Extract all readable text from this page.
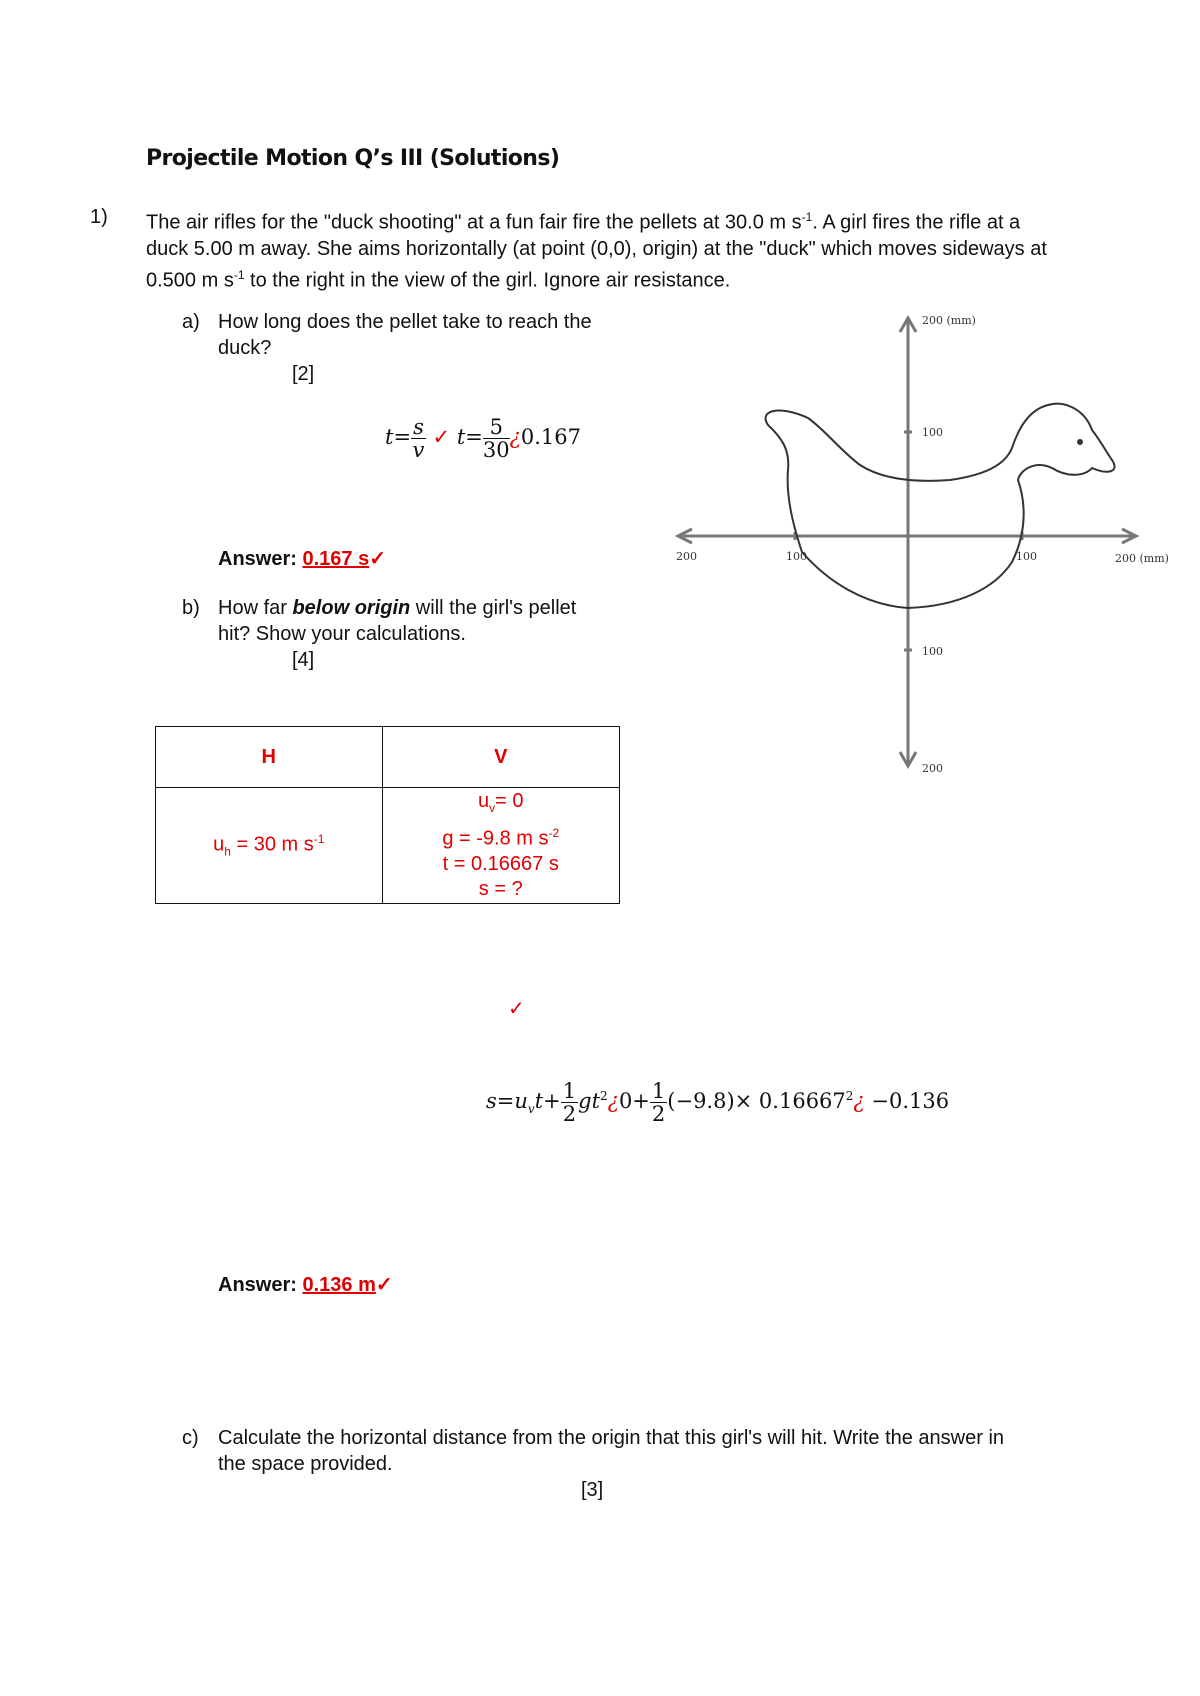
Projectile Motion Q’s III (Solutions)
1) The air rifles for the "duck shooting" at a fun fair fire the pellets at 30.0 m $s^{-1}$. A girl fires the rifle at a duck 5.00 m away. She aims horizontally (at point (0,0), origin) at the "duck" which moves sideways at 0.500 m $s^{-1}$ to the right in the view of the girl. Ignore air resistance.
a) How long does the pellet take to reach the duck?
[2]
$t= \frac{s}{v}$ ✓ $t= \frac{5}{30}$ ¿0.167
Answer: 0.167 s✓
b) How far below origin will the girl's pellet hit? Show your calculations.
[4]
H	V
$u_h = 30$ m $s^{-1}$	$u_v= 0$
g = -9.8 m $s^{-2}$
t = 0.16667 s
s = ?
✓
$s=u_vt+ \frac{1}{2}$ $gt^2¿0+ \frac{1}{2} (-9.8)\times$ $0.16667^2¿ -0.136$
Answer: 0.136 m✓
c) Calculate the horizontal distance from the origin that this girl's will hit. Write the answer in the space provided.
[3]
200 (mm)
100
100
200
200	100	100	200 (mm)
